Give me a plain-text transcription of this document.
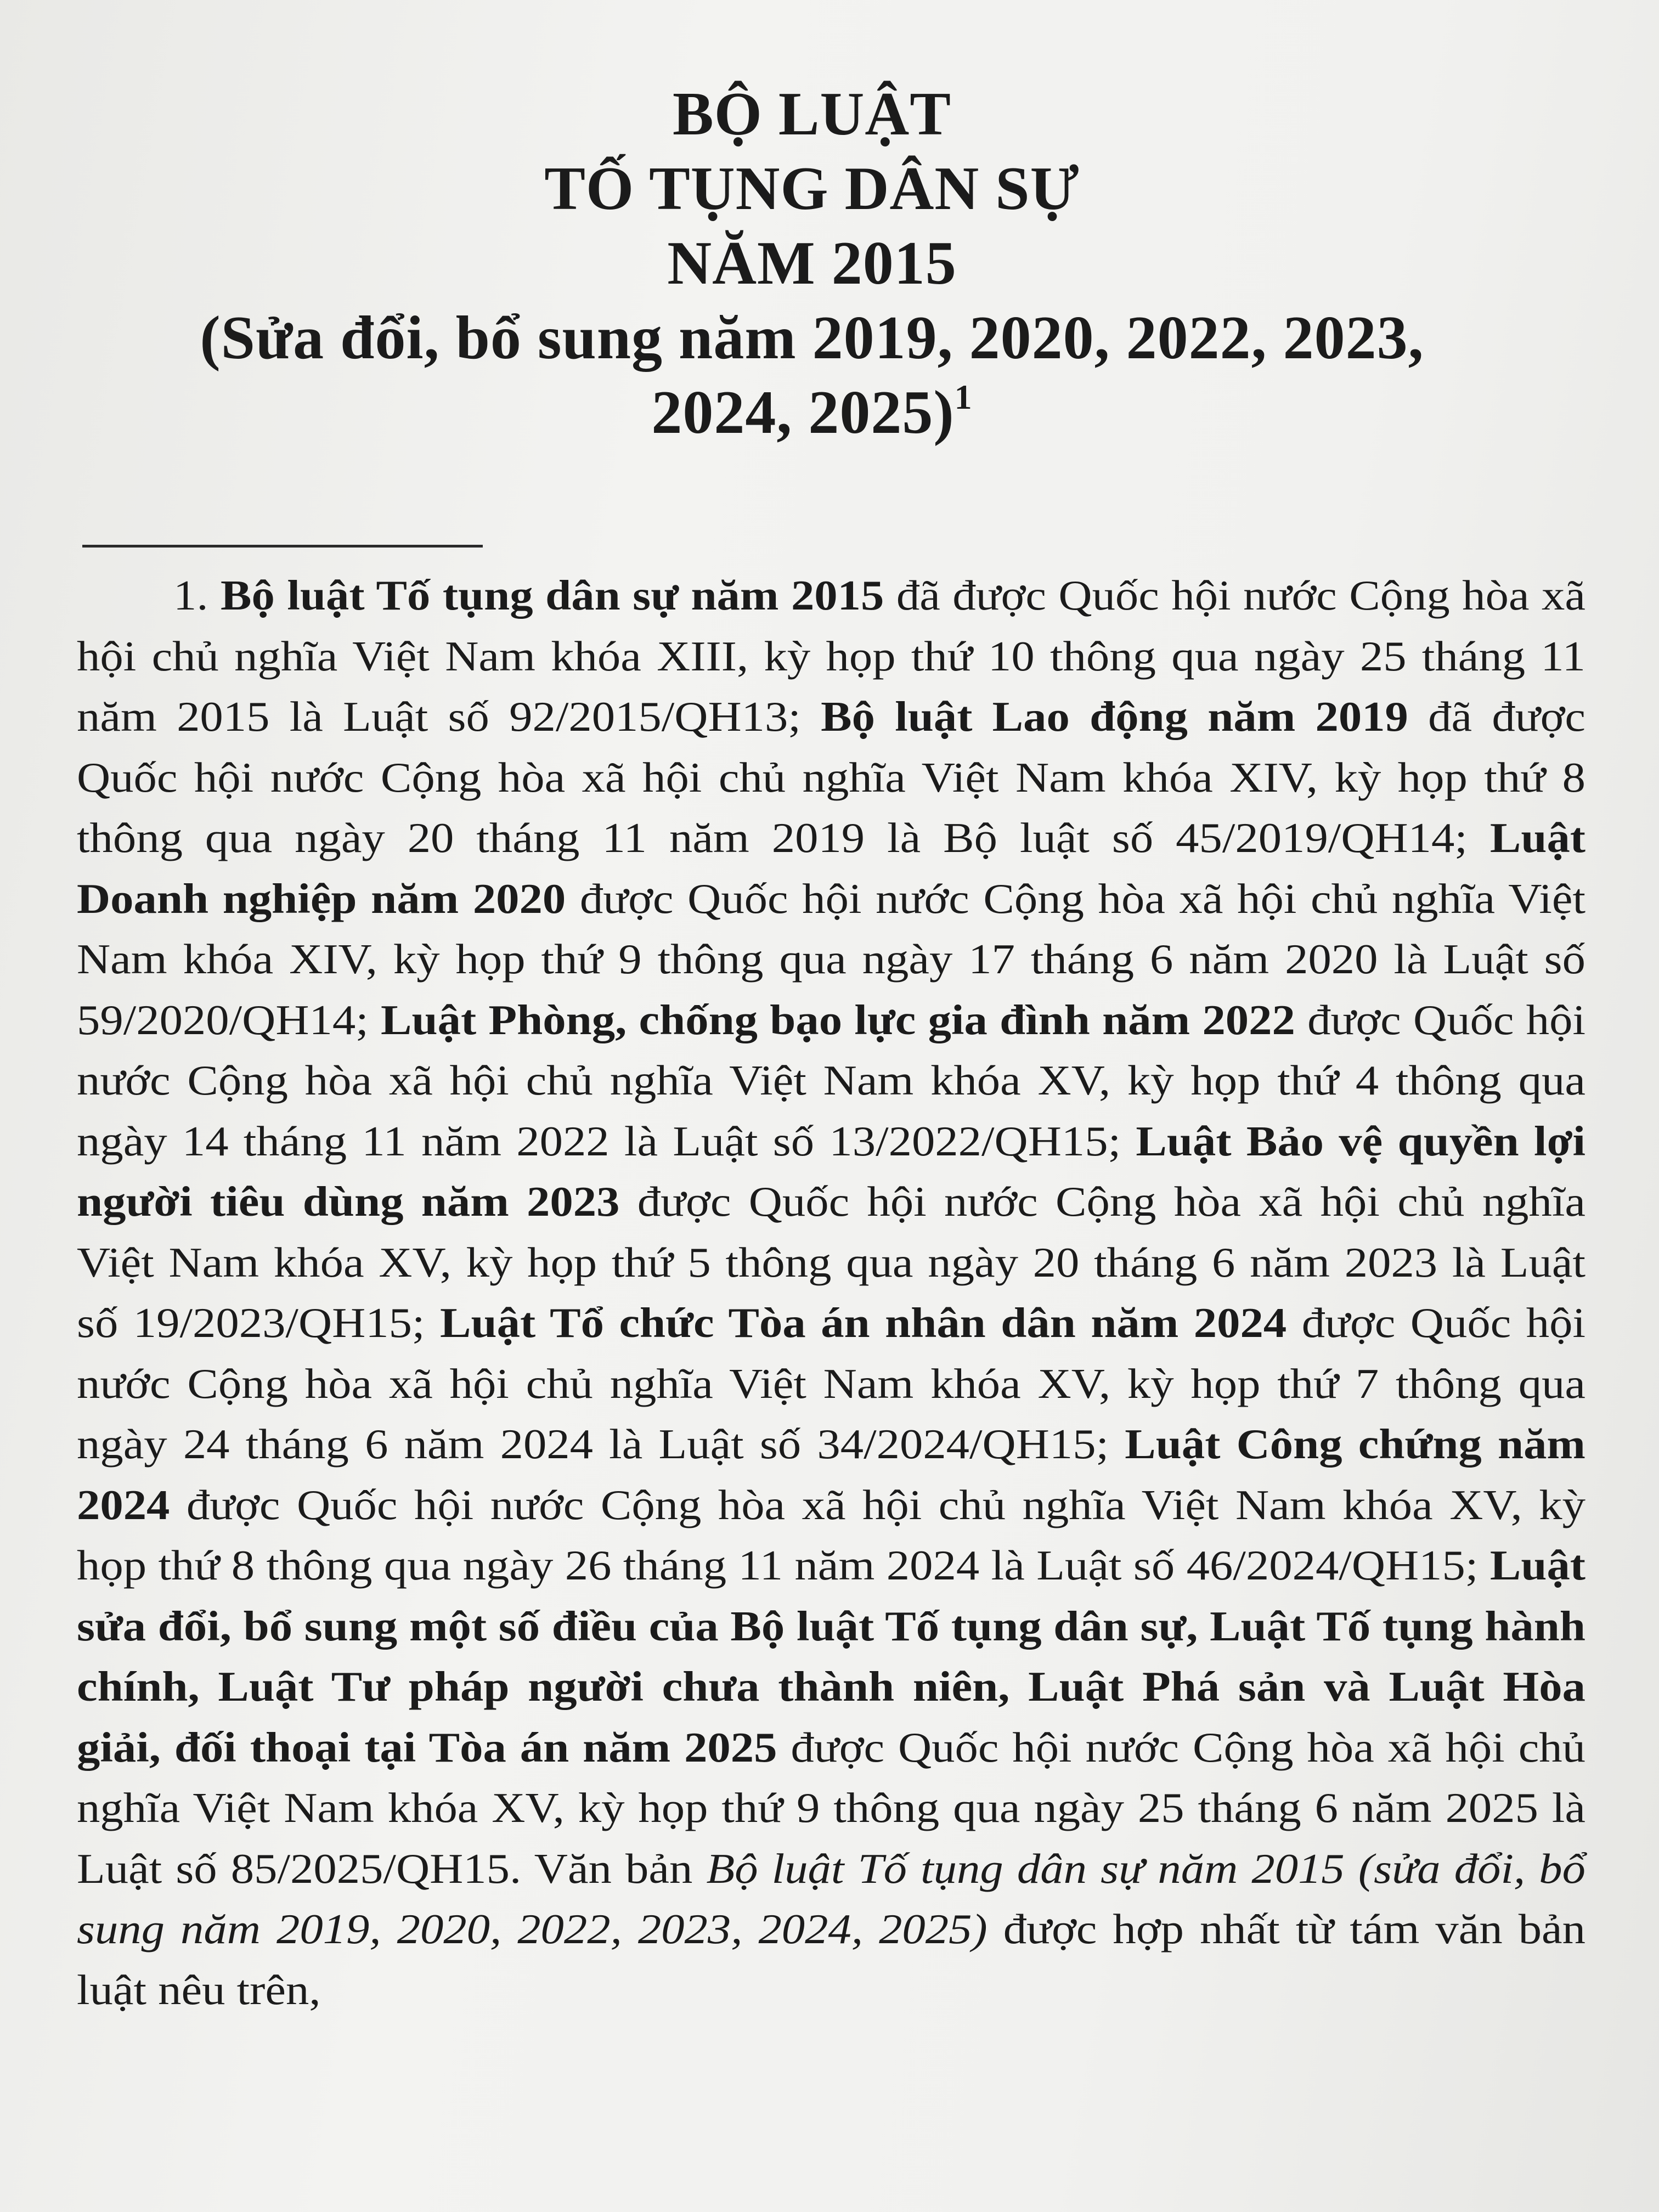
BỘ LUẬT
TỐ TỤNG DÂN SỰ
NĂM 2015
(Sửa đổi, bổ sung năm 2019, 2020, 2022, 2023,
2024, 2025)$^1$
1. Bộ luật Tố tụng dân sự năm 2015 đã được Quốc hội nước Cộng hòa xã hội chủ nghĩa Việt Nam khóa XIII, kỳ họp thứ 10 thông qua ngày 25 tháng 11 năm 2015 là Luật số 92/2015/QH13; Bộ luật Lao động năm 2019 đã được Quốc hội nước Cộng hòa xã hội chủ nghĩa Việt Nam khóa XIV, kỳ họp thứ 8 thông qua ngày 20 tháng 11 năm 2019 là Bộ luật số 45/2019/QH14; Luật Doanh nghiệp năm 2020 được Quốc hội nước Cộng hòa xã hội chủ nghĩa Việt Nam khóa XIV, kỳ họp thứ 9 thông qua ngày 17 tháng 6 năm 2020 là Luật số 59/2020/QH14; Luật Phòng, chống bạo lực gia đình năm 2022 được Quốc hội nước Cộng hòa xã hội chủ nghĩa Việt Nam khóa XV, kỳ họp thứ 4 thông qua ngày 14 tháng 11 năm 2022 là Luật số 13/2022/QH15; Luật Bảo vệ quyền lợi người tiêu dùng năm 2023 được Quốc hội nước Cộng hòa xã hội chủ nghĩa Việt Nam khóa XV, kỳ họp thứ 5 thông qua ngày 20 tháng 6 năm 2023 là Luật số 19/2023/QH15; Luật Tổ chức Tòa án nhân dân năm 2024 được Quốc hội nước Cộng hòa xã hội chủ nghĩa Việt Nam khóa XV, kỳ họp thứ 7 thông qua ngày 24 tháng 6 năm 2024 là Luật số 34/2024/QH15; Luật Công chứng năm 2024 được Quốc hội nước Cộng hòa xã hội chủ nghĩa Việt Nam khóa XV, kỳ họp thứ 8 thông qua ngày 26 tháng 11 năm 2024 là Luật số 46/2024/QH15; Luật sửa đổi, bổ sung một số điều của Bộ luật Tố tụng dân sự, Luật Tố tụng hành chính, Luật Tư pháp người chưa thành niên, Luật Phá sản và Luật Hòa giải, đối thoại tại Tòa án năm 2025 được Quốc hội nước Cộng hòa xã hội chủ nghĩa Việt Nam khóa XV, kỳ họp thứ 9 thông qua ngày 25 tháng 6 năm 2025 là Luật số 85/2025/QH15. Văn bản Bộ luật Tố tụng dân sự năm 2015 (sửa đổi, bổ sung năm 2019, 2020, 2022, 2023, 2024, 2025) được hợp nhất từ tám văn bản luật nêu trên,
